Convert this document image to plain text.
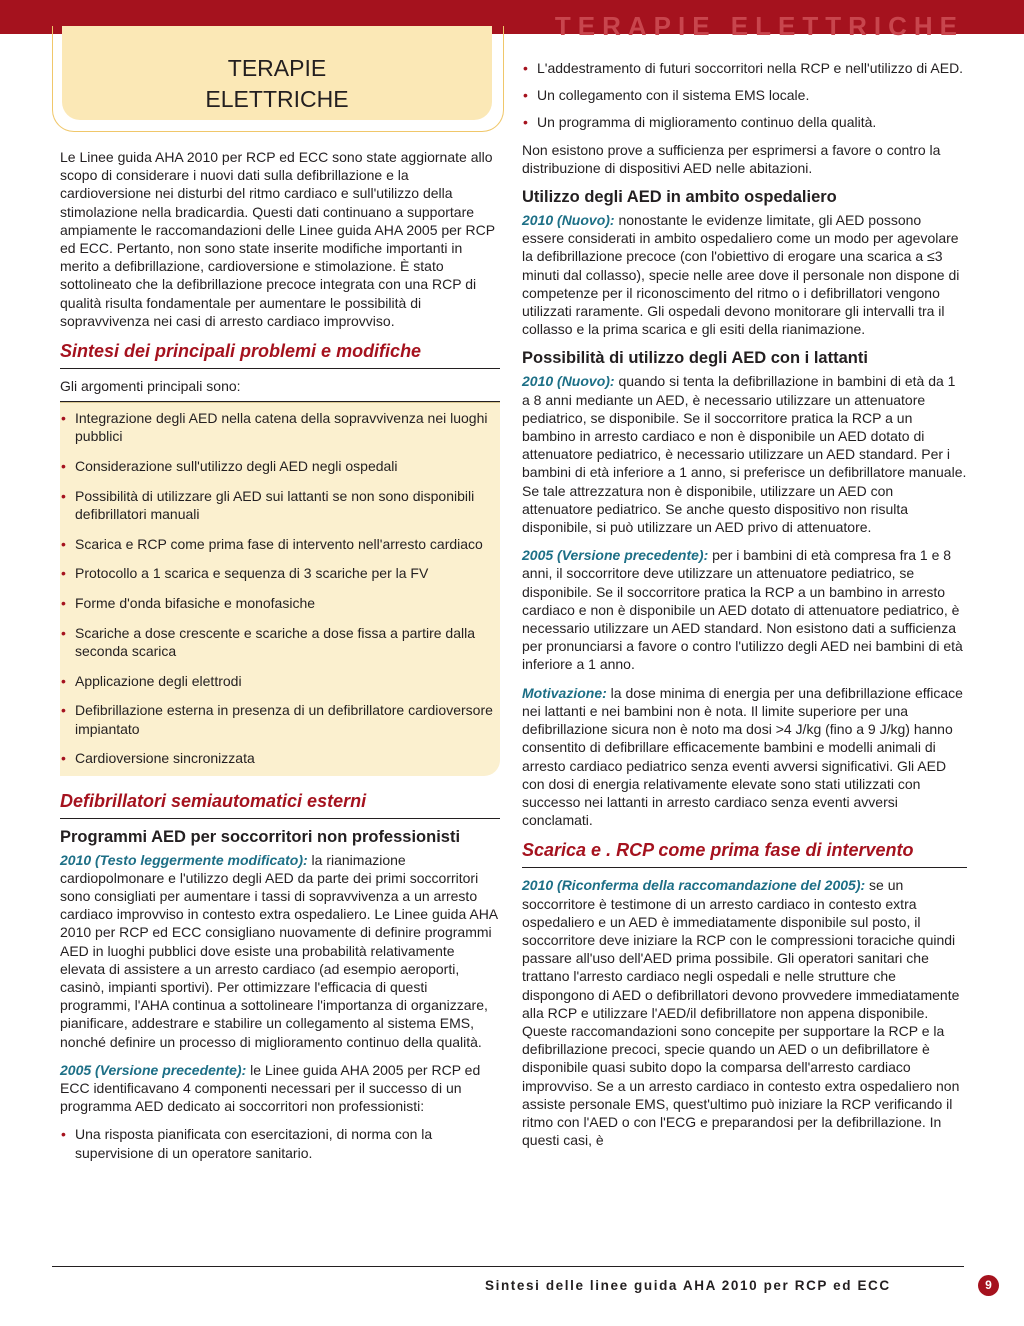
TERAPIE ELETTRICHE
TERAPIE
ELETTRICHE

Le Linee guida AHA 2010 per RCP ed ECC sono state aggiornate allo scopo di considerare i nuovi dati sulla defibrillazione e la cardioversione nei disturbi del ritmo cardiaco e sull'utilizzo della stimolazione nella bradicardia. Questi dati continuano a supportare ampiamente le raccomandazioni delle Linee guida AHA 2005 per RCP ed ECC. Pertanto, non sono state inserite modifiche importanti in merito a defibrillazione, cardioversione e stimolazione. È stato sottolineato che la defibrillazione precoce integrata con una RCP di qualità risulta fondamentale per aumentare le possibilità di sopravvivenza nei casi di arresto cardiaco improvviso.

Sintesi dei principali problemi e modifiche
Gli argomenti principali sono:
• Integrazione degli AED nella catena della sopravvivenza nei luoghi pubblici
• Considerazione sull'utilizzo degli AED negli ospedali
• Possibilità di utilizzare gli AED sui lattanti se non sono disponibili defibrillatori manuali
• Scarica e RCP come prima fase di intervento nell'arresto cardiaco
• Protocollo a 1 scarica e sequenza di 3 scariche per la FV
• Forme d'onda bifasiche e monofasiche
• Scariche a dose crescente e scariche a dose fissa a partire dalla seconda scarica
• Applicazione degli elettrodi
• Defibrillazione esterna in presenza di un defibrillatore cardioversore impiantato
• Cardioversione sincronizzata
Defibrillatori semiautomatici esterni
Programmi AED per soccorritori non professionisti

2010 (Testo leggermente modificato): la rianimazione cardiopolmonare e l'utilizzo degli AED da parte dei primi soccorritori sono consigliati per aumentare i tassi di sopravvivenza a un arresto cardiaco improvviso in contesto extra ospedaliero. Le Linee guida AHA 2010 per RCP ed ECC consigliano nuovamente di definire programmi AED in luoghi pubblici dove esiste una probabilità relativamente elevata di assistere a un arresto cardiaco (ad esempio aeroporti, casinò, impianti sportivi). Per ottimizzare l'efficacia di questi programmi, l'AHA continua a sottolineare l'importanza di organizzare, pianificare, addestrare e stabilire un collegamento al sistema EMS, nonché definire un processo di miglioramento continuo della qualità.

2005 (Versione precedente): le Linee guida AHA 2005 per RCP ed ECC identificavano 4 componenti necessari per il successo di un programma AED dedicato ai soccorritori non professionisti:

• Una risposta pianificata con esercitazioni, di norma con la supervisione di un operatore sanitario.
• L'addestramento di futuri soccorritori nella RCP e nell'utilizzo di AED.
• Un collegamento con il sistema EMS locale.
• Un programma di miglioramento continuo della qualità.

Non esistono prove a sufficienza per esprimersi a favore o contro la distribuzione di dispositivi AED nelle abitazioni.

Utilizzo degli AED in ambito ospedaliero

2010 (Nuovo): nonostante le evidenze limitate, gli AED possono essere considerati in ambito ospedaliero come un modo per agevolare la defibrillazione precoce (con l'obiettivo di erogare una scarica a ≤3 minuti dal collasso), specie nelle aree dove il personale non dispone di competenze per il riconoscimento del ritmo o i defibrillatori vengono utilizzati raramente. Gli ospedali devono monitorare gli intervalli tra il collasso e la prima scarica e gli esiti della rianimazione.

Possibilità di utilizzo degli AED con i lattanti

2010 (Nuovo): quando si tenta la defibrillazione in bambini di età da 1 a 8 anni mediante un AED, è necessario utilizzare un attenuatore pediatrico, se disponibile. Se il soccorritore pratica la RCP a un bambino in arresto cardiaco e non è disponibile un AED dotato di attenuatore pediatrico, è necessario utilizzare un AED standard. Per i bambini di età inferiore a 1 anno, si preferisce un defibrillatore manuale. Se tale attrezzatura non è disponibile, utilizzare un AED con attenuatore pediatrico. Se anche questo dispositivo non risulta disponibile, si può utilizzare un AED privo di attenuatore.

2005 (Versione precedente): per i bambini di età compresa fra 1 e 8 anni, il soccorritore deve utilizzare un attenuatore pediatrico, se disponibile. Se il soccorritore pratica la RCP a un bambino in arresto cardiaco e non è disponibile un AED dotato di attenuatore pediatrico, è necessario utilizzare un AED standard. Non esistono dati a sufficienza per pronunciarsi a favore o contro l'utilizzo degli AED nei bambini di età inferiore a 1 anno.

Motivazione: la dose minima di energia per una defibrillazione efficace nei lattanti e nei bambini non è nota. Il limite superiore per una defibrillazione sicura non è noto ma dosi >4 J/kg (fino a 9 J/kg) hanno consentito di defibrillare efficacemente bambini e modelli animali di arresto cardiaco pediatrico senza eventi avversi significativi. Gli AED con dosi di energia relativamente elevate sono stati utilizzati con successo nei lattanti in arresto cardiaco senza eventi avversi conclamati.

Scarica e . RCP come prima fase di intervento

2010 (Riconferma della raccomandazione del 2005): se un soccorritore è testimone di un arresto cardiaco in contesto extra ospedaliero e un AED è immediatamente disponibile sul posto, il soccorritore deve iniziare la RCP con le compressioni toraciche quindi passare all'uso dell'AED prima possibile. Gli operatori sanitari che trattano l'arresto cardiaco negli ospedali e nelle strutture che dispongono di AED o defibrillatori devono provvedere immediatamente alla RCP e utilizzare l'AED/il defibrillatore non appena disponibile. Queste raccomandazioni sono concepite per supportare la RCP e la defibrillazione precoci, specie quando un AED o un defibrillatore è disponibile quasi subito dopo la comparsa dell'arresto cardiaco improvviso. Se a un arresto cardiaco in contesto extra ospedaliero non assiste personale EMS, quest'ultimo può iniziare la RCP verificando il ritmo con l'AED o con l'ECG e preparandosi per la defibrillazione. In questi casi, è

Sintesi delle linee guida AHA 2010 per RCP ed ECC	9
